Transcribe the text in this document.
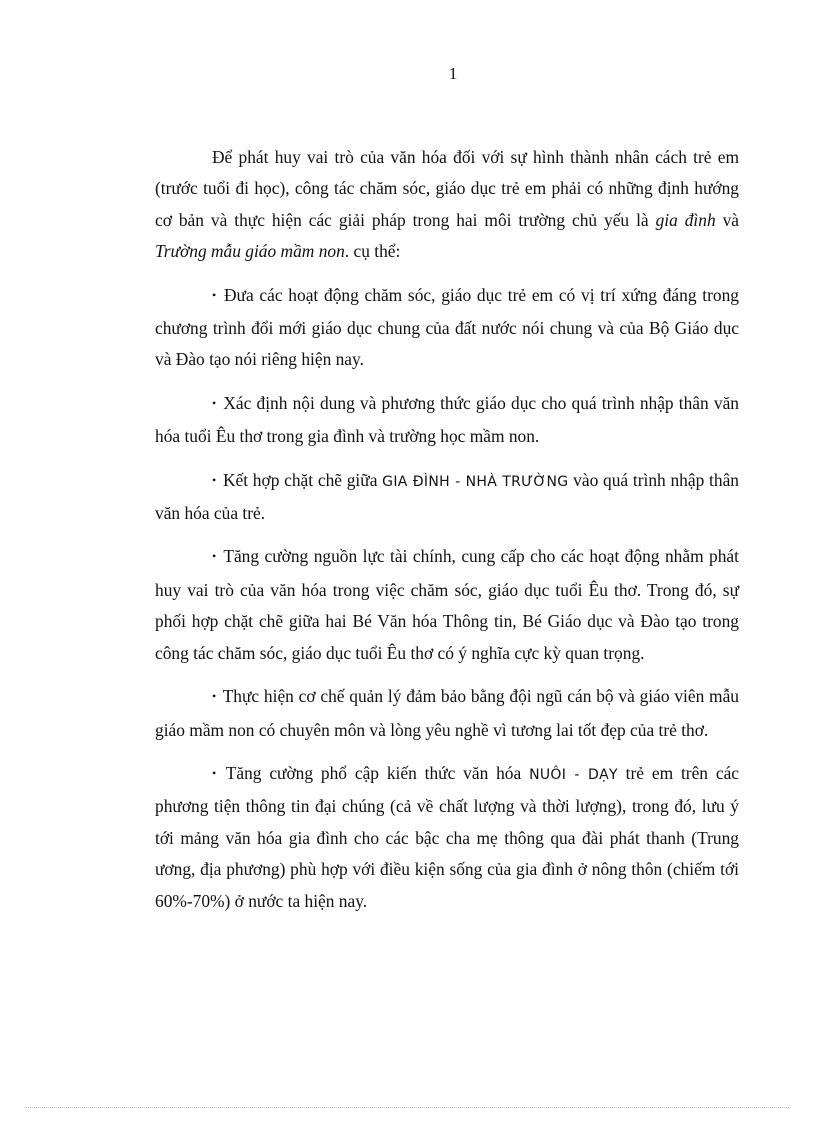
1

Để phát huy vai trò của văn hóa đối với sự hình thành nhân cách trẻ em (trước tuổi đi học), công tác chăm sóc, giáo dục trẻ em phải có những định hướng cơ bản và thực hiện các giải pháp trong hai môi trường chủ yếu là gia đình và Trường mẫu giáo mầm non. cụ thể:

• Đưa các hoạt động chăm sóc, giáo dục trẻ em có vị trí xứng đáng trong chương trình đổi mới giáo dục chung của đất nước nói chung và của Bộ Giáo dục và Đào tạo nói riêng hiện nay.

• Xác định nội dung và phương thức giáo dục cho quá trình nhập thân văn hóa tuổi Êu thơ trong gia đình và trường học mầm non.

• Kết hợp chặt chẽ giữa GIA ĐÌNH - NHÀ TRƯỜNG vào quá trình nhập thân văn hóa của trẻ.

• Tăng cường nguồn lực tài chính, cung cấp cho các hoạt động nhằm phát huy vai trò của văn hóa trong việc chăm sóc, giáo dục tuổi Êu thơ. Trong đó, sự phối hợp chặt chẽ giữa hai Bé Văn hóa Thông tin, Bé Giáo dục và Đào tạo trong công tác chăm sóc, giáo dục tuổi Êu thơ có ý nghĩa cực kỳ quan trọng.

• Thực hiện cơ chế quản lý đảm bảo bằng đội ngũ cán bộ và giáo viên mẫu giáo mầm non có chuyên môn và lòng yêu nghề vì tương lai tốt đẹp của trẻ thơ.

• Tăng cường phổ cập kiến thức văn hóa NUÔI - DẠY trẻ em trên các phương tiện thông tin đại chúng (cả về chất lượng và thời lượng), trong đó, lưu ý tới mảng văn hóa gia đình cho các bậc cha mẹ thông qua đài phát thanh (Trung ương, địa phương) phù hợp với điều kiện sống của gia đình ở nông thôn (chiếm tới 60%-70%) ở nước ta hiện nay.
